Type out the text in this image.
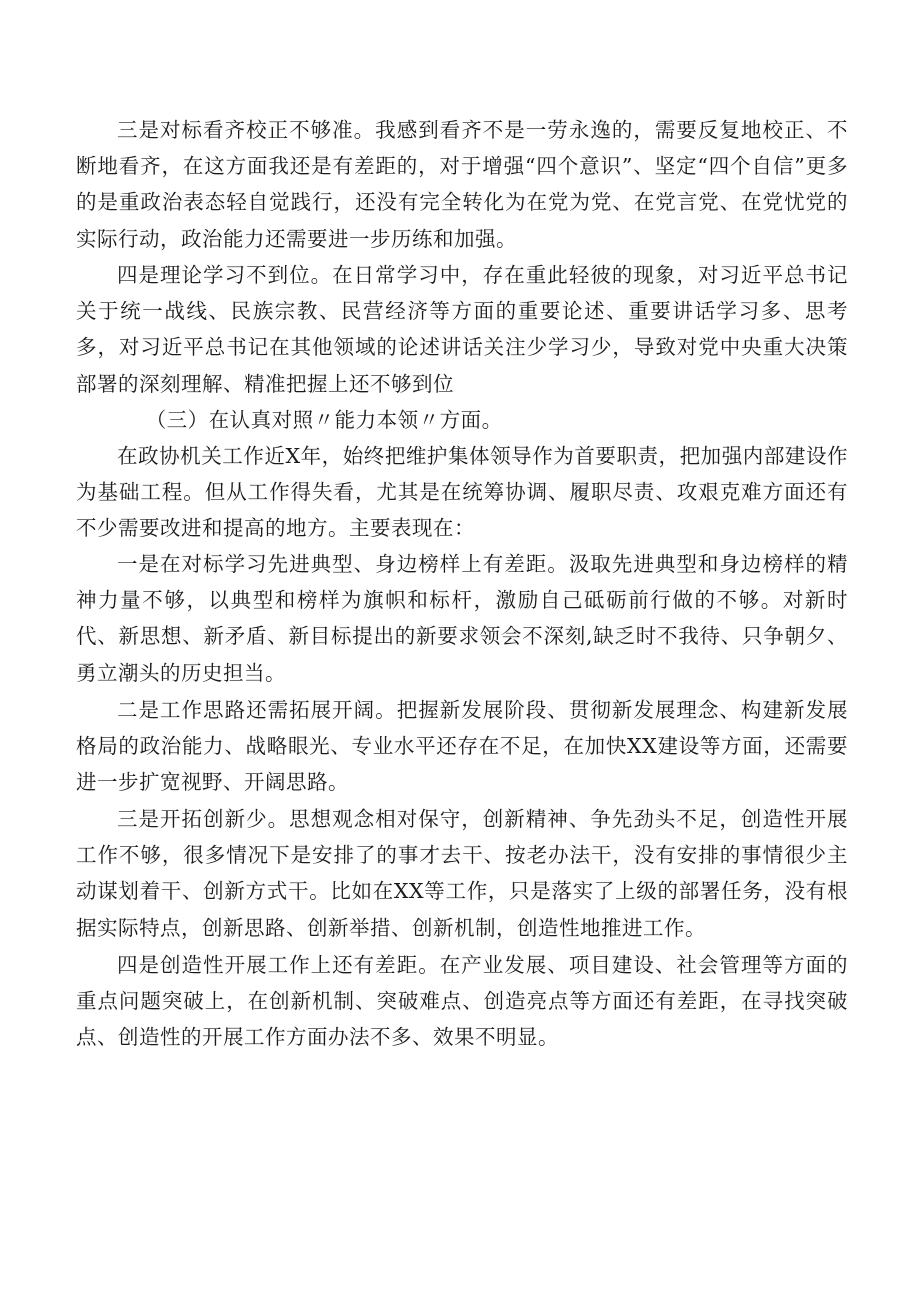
三是对标看齐校正不够准。我感到看齐不是一劳永逸的，需要反复地校正、不断地看齐，在这方面我还是有差距的，对于增强“四个意识”、坚定“四个自信”更多的是重政治表态轻自觉践行，还没有完全转化为在党为党、在党言党、在党忧党的实际行动，政治能力还需要进一步历练和加强。

四是理论学习不到位。在日常学习中，存在重此轻彼的现象，对习近平总书记关于统一战线、民族宗教、民营经济等方面的重要论述、重要讲话学习多、思考多，对习近平总书记在其他领域的论述讲话关注少学习少，导致对党中央重大决策部署的深刻理解、精准把握上还不够到位

（三）在认真对照〃能力本领〃方面。

在政协机关工作近X年，始终把维护集体领导作为首要职责，把加强内部建设作为基础工程。但从工作得失看，尤其是在统筹协调、履职尽责、攻艰克难方面还有不少需要改进和提高的地方。主要表现在：

一是在对标学习先进典型、身边榜样上有差距。汲取先进典型和身边榜样的精神力量不够，以典型和榜样为旗帜和标杆，激励自己砥砺前行做的不够。对新时代、新思想、新矛盾、新目标提出的新要求领会不深刻,缺乏时不我待、只争朝夕、勇立潮头的历史担当。

二是工作思路还需拓展开阔。把握新发展阶段、贯彻新发展理念、构建新发展格局的政治能力、战略眼光、专业水平还存在不足，在加快XX建设等方面，还需要进一步扩宽视野、开阔思路。

三是开拓创新少。思想观念相对保守，创新精神、争先劲头不足，创造性开展工作不够，很多情况下是安排了的事才去干、按老办法干，没有安排的事情很少主动谋划着干、创新方式干。比如在XX等工作，只是落实了上级的部署任务，没有根据实际特点，创新思路、创新举措、创新机制，创造性地推进工作。

四是创造性开展工作上还有差距。在产业发展、项目建设、社会管理等方面的重点问题突破上，在创新机制、突破难点、创造亮点等方面还有差距，在寻找突破点、创造性的开展工作方面办法不多、效果不明显。
